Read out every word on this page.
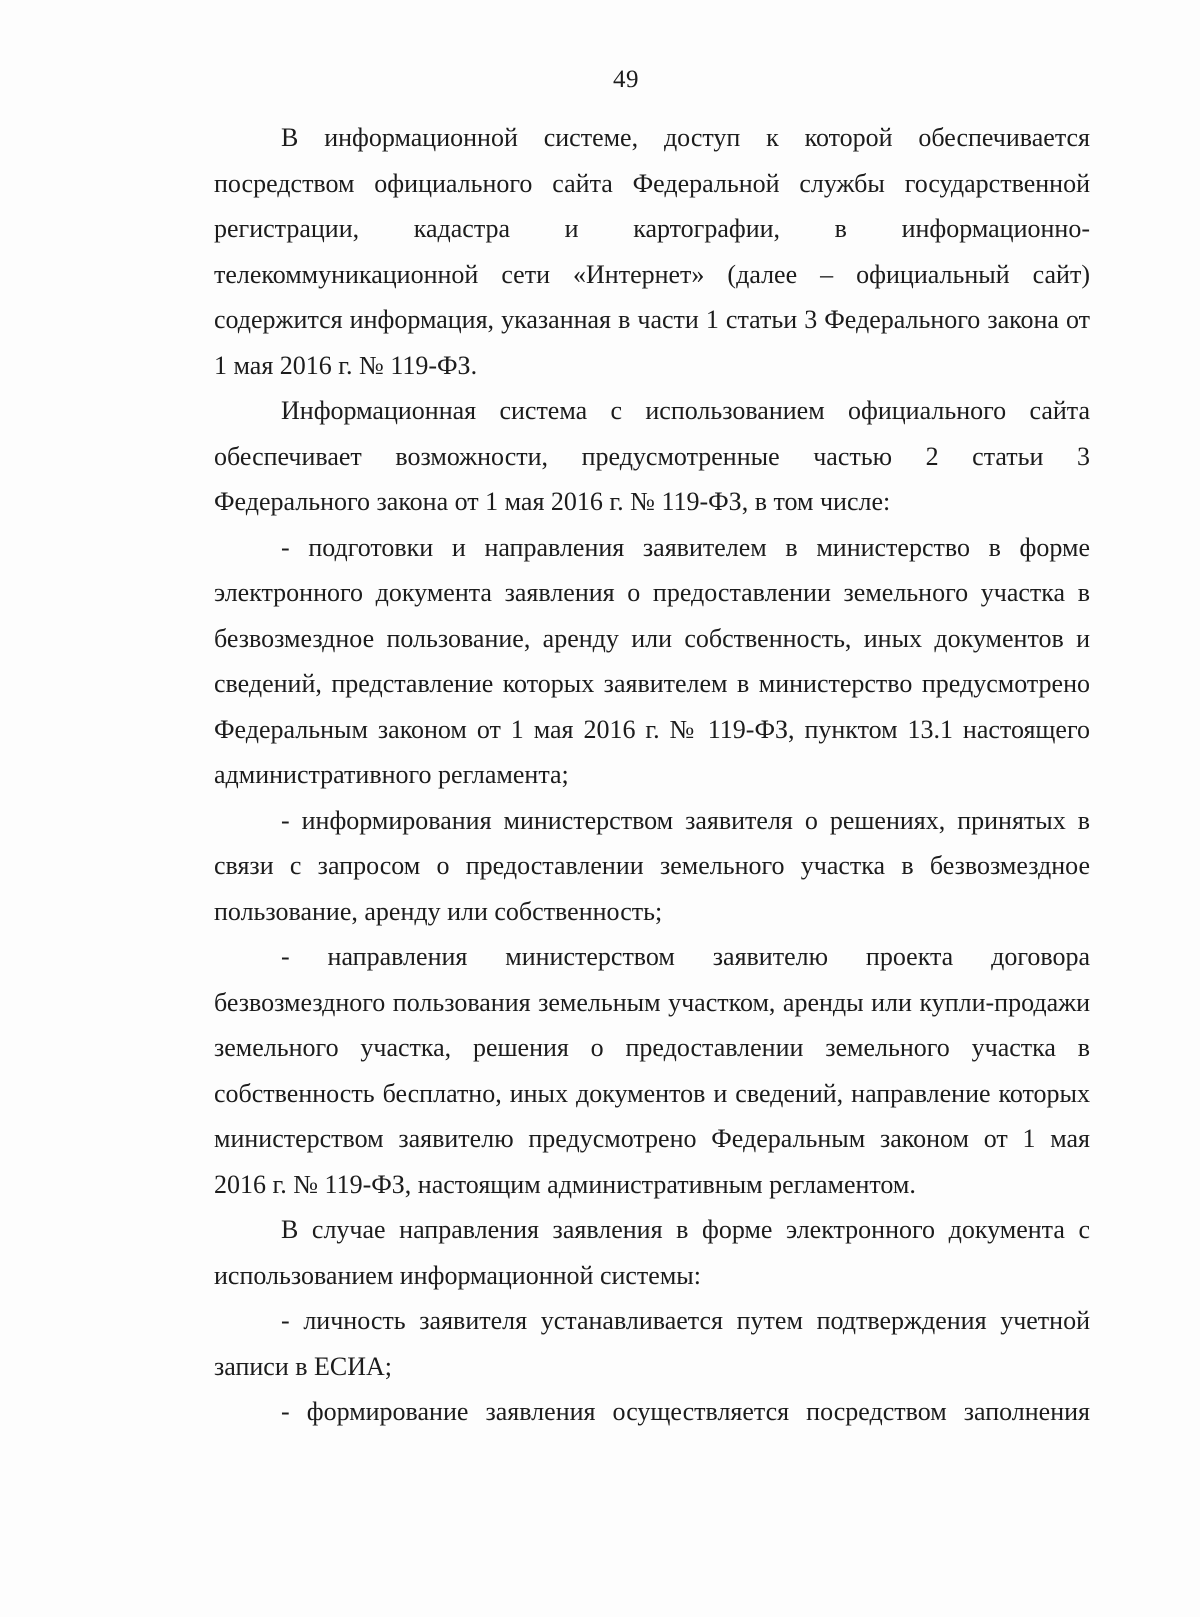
49

В информационной системе, доступ к которой обеспечивается посредством официального сайта Федеральной службы государственной регистрации, кадастра и картографии, в информационно-телекоммуникационной сети «Интернет» (далее – официальный сайт) содержится информация, указанная в части 1 статьи 3 Федерального закона от 1 мая 2016 г. № 119-ФЗ.

Информационная система с использованием официального сайта обеспечивает возможности, предусмотренные частью 2 статьи 3 Федерального закона от 1 мая 2016 г. № 119-ФЗ, в том числе:

- подготовки и направления заявителем в министерство в форме электронного документа заявления о предоставлении земельного участка в безвозмездное пользование, аренду или собственность, иных документов и сведений, представление которых заявителем в министерство предусмотрено Федеральным законом от 1 мая 2016 г. № 119-ФЗ, пунктом 13.1 настоящего административного регламента;

- информирования министерством заявителя о решениях, принятых в связи с запросом о предоставлении земельного участка в безвозмездное пользование, аренду или собственность;

- направления министерством заявителю проекта договора безвозмездного пользования земельным участком, аренды или купли-продажи земельного участка, решения о предоставлении земельного участка в собственность бесплатно, иных документов и сведений, направление которых министерством заявителю предусмотрено Федеральным законом от 1 мая 2016 г. № 119-ФЗ, настоящим административным регламентом.

В случае направления заявления в форме электронного документа с использованием информационной системы:

- личность заявителя устанавливается путем подтверждения учетной записи в ЕСИА;

- формирование заявления осуществляется посредством заполнения
